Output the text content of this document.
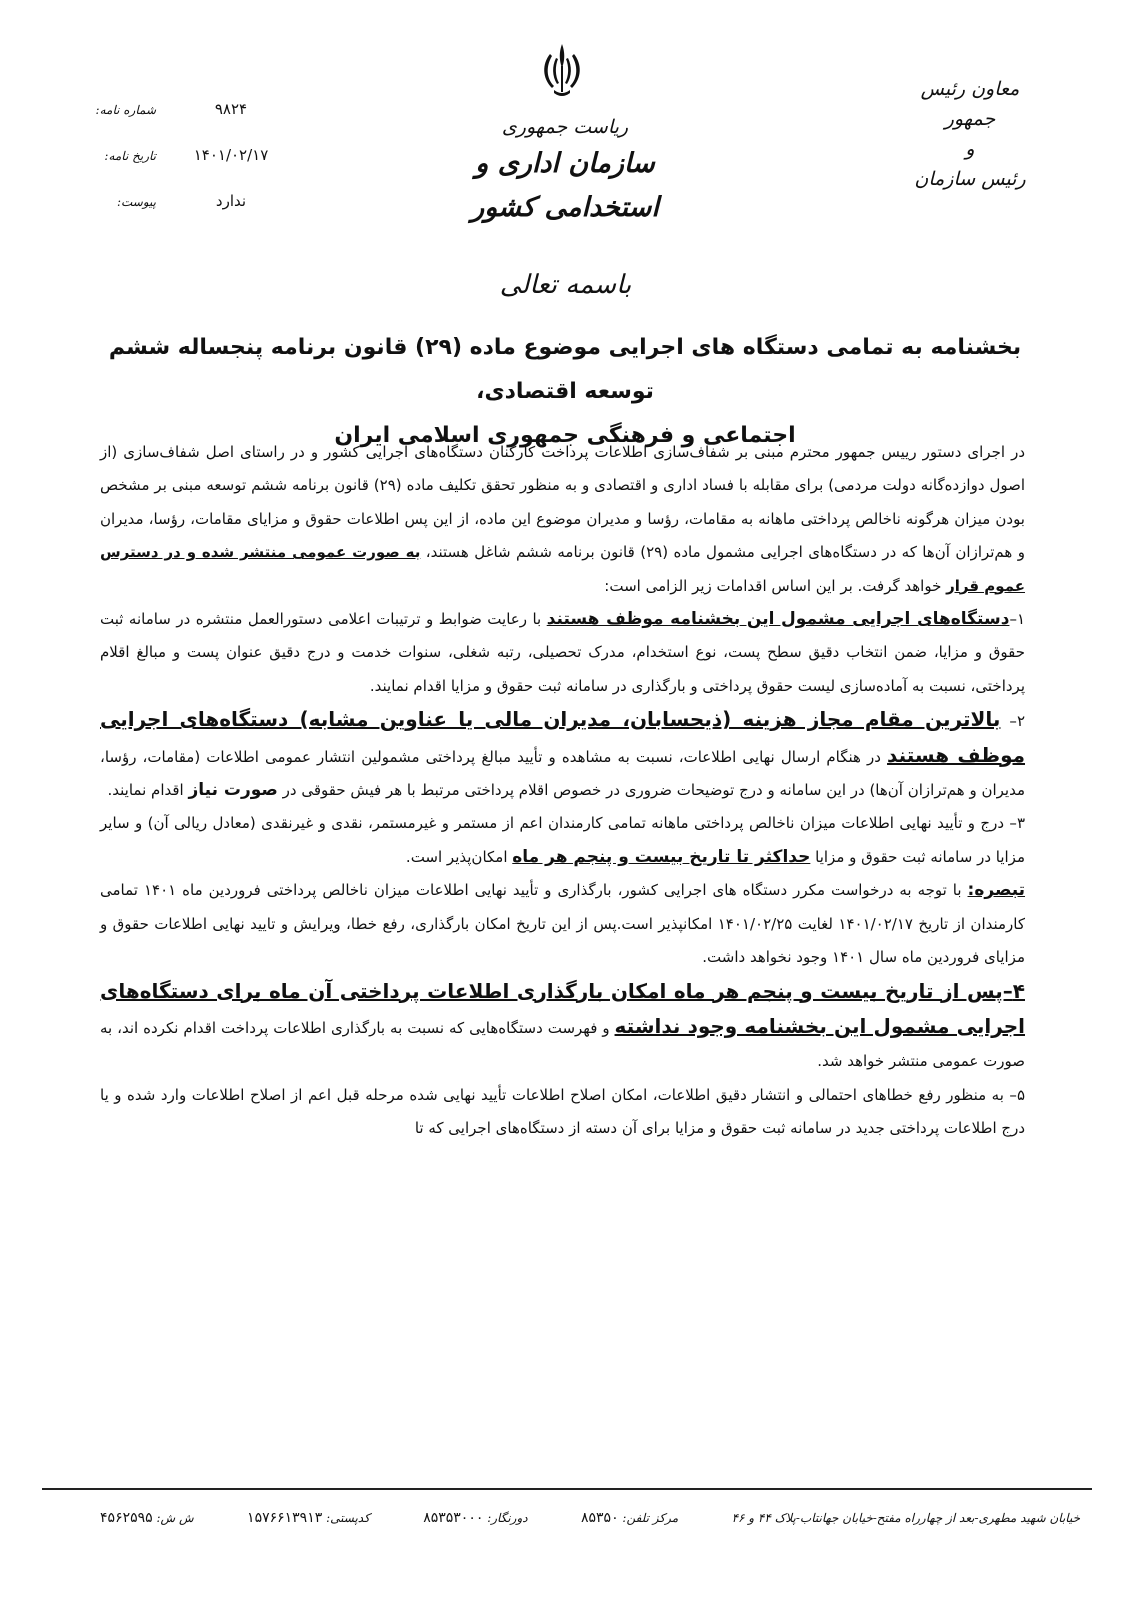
معاون رئیس جمهور
و
رئیس سازمان
ریاست جمهوری
سازمان اداری و استخدامی کشور
۹۸۲۴
شماره نامه:
۱۴۰۱/۰۲/۱۷
تاریخ نامه:
ندارد
پیوست:
باسمه تعالی
بخشنامه به تمامی دستگاه های اجرایی موضوع ماده (۲۹) قانون برنامه پنجساله ششم توسعه اقتصادی،
اجتماعی و فرهنگی جمهوری اسلامی ایران

در اجرای دستور رییس جمهور محترم مبنی بر شفاف‌سازی اطلاعات پرداخت کارکنان دستگاه‌های اجرایی کشور و در راستای اصل شفاف‌سازی (از اصول دوازده‌گانه دولت مردمی) برای مقابله با فساد اداری و اقتصادی و به منظور تحقق تکلیف ماده (۲۹) قانون برنامه ششم توسعه مبنی بر مشخص بودن میزان هرگونه ناخالص پرداختی ماهانه به مقامات، رؤسا و مدیران موضوع این ماده، از این پس اطلاعات حقوق و مزایای مقامات، رؤسا، مدیران و هم‌ترازان آن‌ها که در دستگاه‌های اجرایی مشمول ماده (۲۹) قانون برنامه ششم شاغل هستند، به صورت عمومی منتشر شده و در دسترس عموم قرار خواهد گرفت. بر این اساس اقدامات زیر الزامی است:

۱–دستگاه‌های اجرایی مشمول این بخشنامه موظف هستند با رعایت ضوابط و ترتیبات اعلامی دستورالعمل منتشره در سامانه ثبت حقوق و مزایا، ضمن انتخاب دقیق سطح پست، نوع استخدام، مدرک تحصیلی، رتبه شغلی، سنوات خدمت و درج دقیق عنوان پست و مبالغ اقلام پرداختی، نسبت به آماده‌سازی لیست حقوق پرداختی و بارگذاری در سامانه ثبت حقوق و مزایا اقدام نمایند.

۲– بالاترین مقام مجاز هزینه (ذیحسابان، مدیران مالی یا عناوین مشابه) دستگاه‌های اجرایی موظف هستند در هنگام ارسال نهایی اطلاعات، نسبت به مشاهده و تأیید مبالغ پرداختی مشمولین انتشار عمومی اطلاعات (مقامات، رؤسا، مدیران و هم‌ترازان آن‌ها) در این سامانه و درج توضیحات ضروری در خصوص اقلام پرداختی مرتبط با هر فیش حقوقی در صورت نیاز اقدام نمایند.

۳– درج و تأیید نهایی اطلاعات میزان ناخالص پرداختی ماهانه تمامی کارمندان اعم از مستمر و غیرمستمر، نقدی و غیرنقدی (معادل ریالی آن) و سایر مزایا در سامانه ثبت حقوق و مزایا حداکثر تا تاریخ بیست و پنجم هر ماه امکان‌پذیر است.

تبصره: با توجه به درخواست مکرر دستگاه های اجرایی کشور، بارگذاری و تأیید نهایی اطلاعات میزان ناخالص پرداختی فروردین ماه ۱۴۰۱ تمامی کارمندان از تاریخ ۱۴۰۱/۰۲/۱۷ لغایت ۱۴۰۱/۰۲/۲۵ امکانپذیر است.پس از این تاریخ امکان بارگذاری، رفع خطا، ویرایش و تایید نهایی اطلاعات حقوق و مزایای فروردین ماه سال ۱۴۰۱ وجود نخواهد داشت.

۴–پس از تاریخ بیست و پنجم هر ماه امکان بارگذاری اطلاعات پرداختی آن ماه برای دستگاه‌های اجرایی مشمول این بخشنامه وجود نداشته و فهرست دستگاه‌هایی که نسبت به بارگذاری اطلاعات پرداخت اقدام نکرده اند، به صورت عمومی منتشر خواهد شد.

۵– به منظور رفع خطاهای احتمالی و انتشار دقیق اطلاعات، امکان اصلاح اطلاعات تأیید نهایی شده مرحله قبل اعم از اصلاح اطلاعات وارد شده و یا درج اطلاعات پرداختی جدید در سامانه ثبت حقوق و مزایا برای آن دسته از دستگاه‌های اجرایی که تا

خیابان شهید مطهری-بعد از چهارراه مفتح-خیابان جهانتاب-پلاک ۴۴ و ۴۶
مرکز تلفن: ۸۵۳۵۰
دورنگار: ۸۵۳۵۳۰۰۰
کدپستی: ۱۵۷۶۶۱۳۹۱۳
ش ش: ۴۵۶۲۵۹۵
